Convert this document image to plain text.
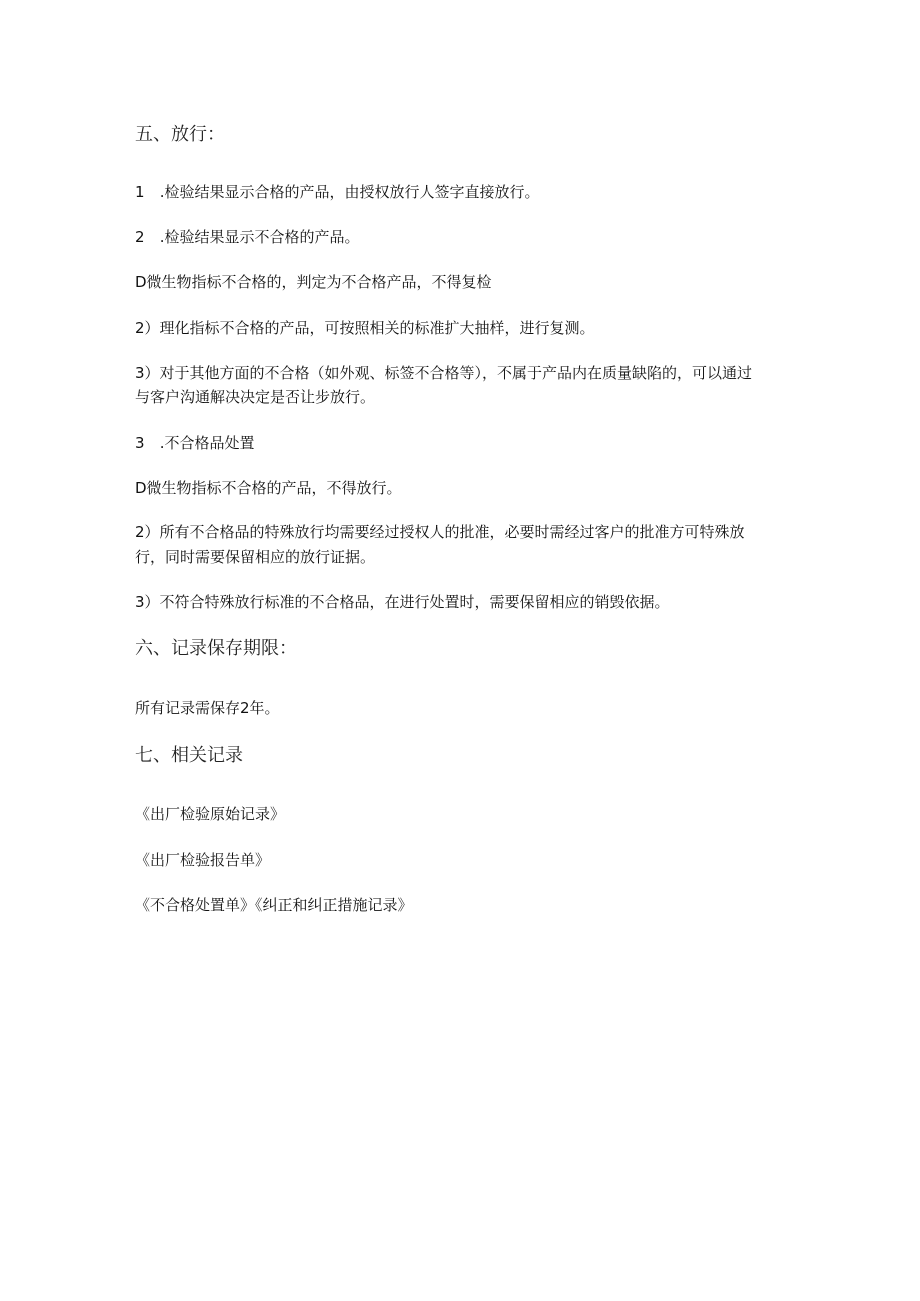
五、放行：
1 .检验结果显示合格的产品，由授权放行人签字直接放行。
2 .检验结果显示不合格的产品。
D微生物指标不合格的，判定为不合格产品，不得复检
2）理化指标不合格的产品，可按照相关的标准扩大抽样，进行复测。
3）对于其他方面的不合格（如外观、标签不合格等），不属于产品内在质量缺陷的，可以通过
与客户沟通解决决定是否让步放行。
3 .不合格品处置
D微生物指标不合格的产品，不得放行。
2）所有不合格品的特殊放行均需要经过授权人的批准，必要时需经过客户的批准方可特殊放
行，同时需要保留相应的放行证据。
3）不符合特殊放行标准的不合格品，在进行处置时，需要保留相应的销毁依据。
六、记录保存期限：
所有记录需保存2年。
七、相关记录
《出厂检验原始记录》
《出厂检验报告单》
《不合格处置单》《纠正和纠正措施记录》
